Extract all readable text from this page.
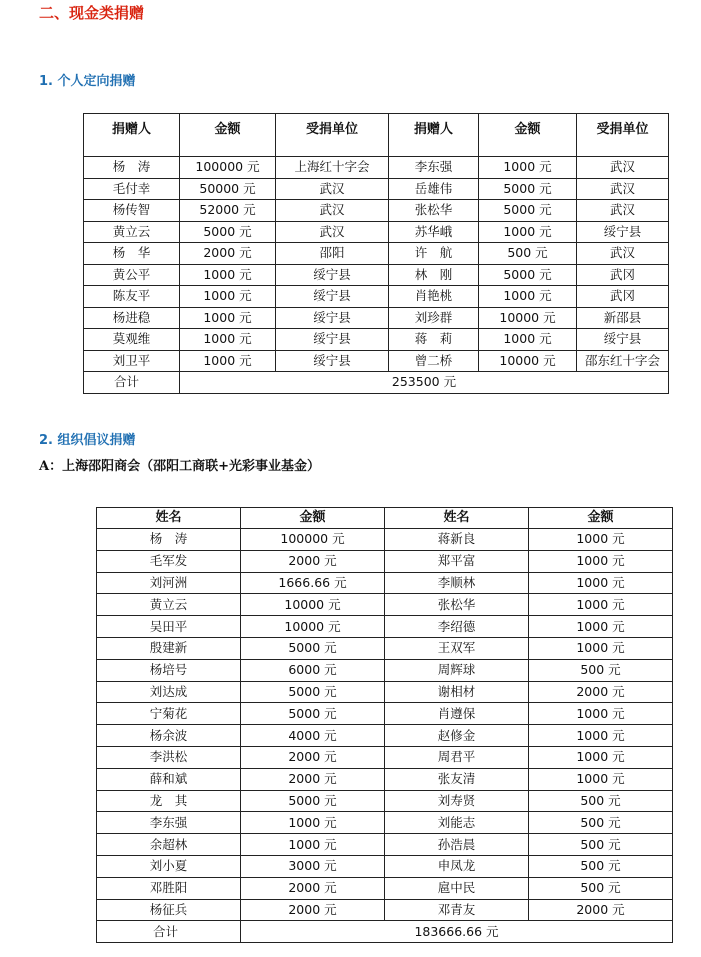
二、现金类捐赠
1. 个人定向捐赠
捐赠人	金额	受捐单位	捐赠人	金额	受捐单位
杨　涛	100000 元	上海红十字会	李东强	1000 元	武汉
毛付幸	50000 元	武汉	岳雄伟	5000 元	武汉
杨传智	52000 元	武汉	张松华	5000 元	武汉
黄立云	5000 元	武汉	苏华峨	1000 元	绥宁县
杨　华	2000 元	邵阳	许　航	500 元	武汉
黄公平	1000 元	绥宁县	林　刚	5000 元	武冈
陈友平	1000 元	绥宁县	肖艳桃	1000 元	武冈
杨进稳	1000 元	绥宁县	刘珍群	10000 元	新邵县
莫观维	1000 元	绥宁县	蒋　莉	1000 元	绥宁县
刘卫平	1000 元	绥宁县	曾二桥	10000 元	邵东红十字会
合计	253500 元				
2. 组织倡议捐赠
A：上海邵阳商会（邵阳工商联+光彩事业基金）
姓名	金额	姓名	金额
杨　涛	100000 元	蒋新良	1000 元
毛军发	2000 元	郑平富	1000 元
刘河洲	1666.66 元	李顺林	1000 元
黄立云	10000 元	张松华	1000 元
吴田平	10000 元	李绍德	1000 元
殷建新	5000 元	王双军	1000 元
杨培号	6000 元	周辉球	500 元
刘达成	5000 元	谢相材	2000 元
宁菊花	5000 元	肖遵保	1000 元
杨余波	4000 元	赵修金	1000 元
李洪松	2000 元	周君平	1000 元
薛和斌	2000 元	张友清	1000 元
龙　其	5000 元	刘寿贤	500 元
李东强	1000 元	刘能志	500 元
余超林	1000 元	孙浩晨	500 元
刘小夏	3000 元	申凤龙	500 元
邓胜阳	2000 元	扈中民	500 元
杨征兵	2000 元	邓青友	2000 元
合计	183666.66 元		
